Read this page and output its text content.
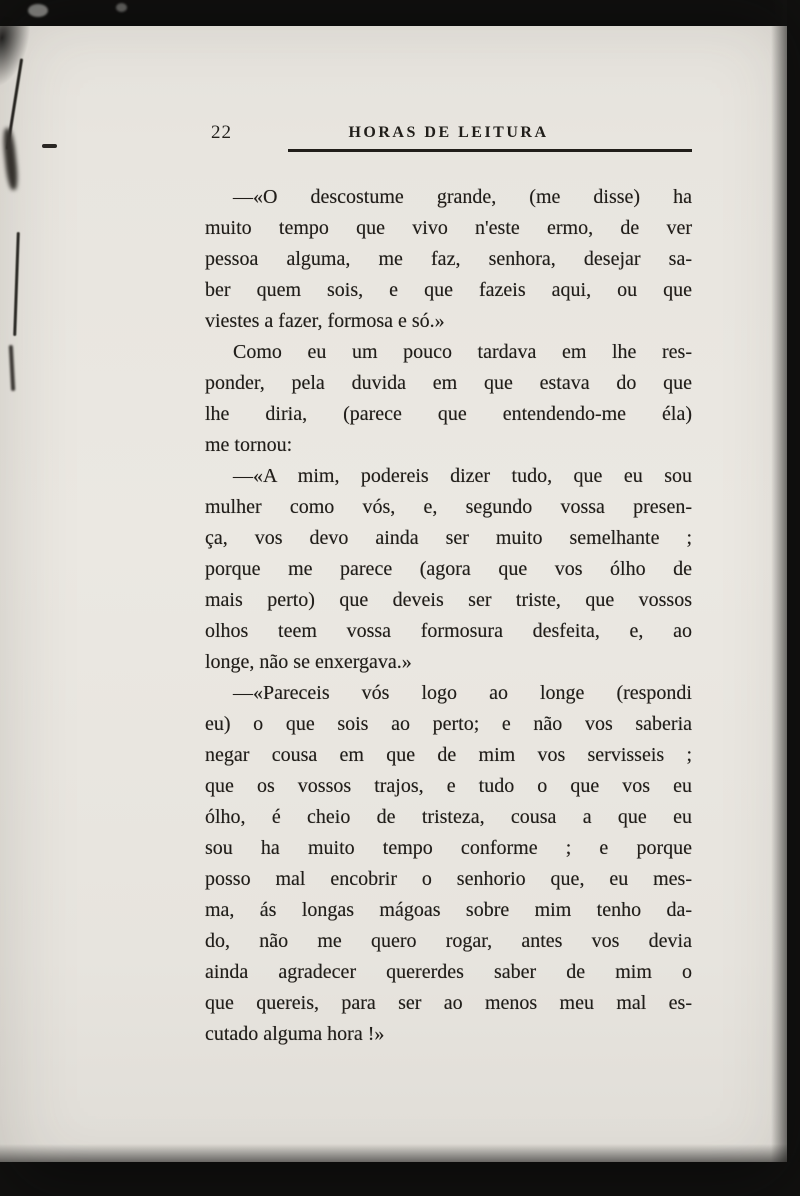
22	HORAS DE LEITURA
—«O descostume grande, (me disse) ha
muito tempo que vivo n'este ermo, de ver
pessoa alguma, me faz, senhora, desejar sa-
ber quem sois, e que fazeis aqui, ou que
viestes a fazer, formosa e só.»
Como eu um pouco tardava em lhe res-
ponder, pela duvida em que estava do que
lhe diria, (parece que entendendo-me éla)
me tornou:
—«A mim, podereis dizer tudo, que eu sou
mulher como vós, e, segundo vossa presen-
ça, vos devo ainda ser muito semelhante ;
porque me parece (agora que vos ólho de
mais perto) que deveis ser triste, que vossos
olhos teem vossa formosura desfeita, e, ao
longe, não se enxergava.»
—«Pareceis vós logo ao longe (respondi
eu) o que sois ao perto; e não vos saberia
negar cousa em que de mim vos servisseis ;
que os vossos trajos, e tudo o que vos eu
ólho, é cheio de tristeza, cousa a que eu
sou ha muito tempo conforme ; e porque
posso mal encobrir o senhorio que, eu mes-
ma, ás longas mágoas sobre mim tenho da-
do, não me quero rogar, antes vos devia
ainda agradecer quererdes saber de mim o
que quereis, para ser ao menos meu mal es-
cutado alguma hora !»
